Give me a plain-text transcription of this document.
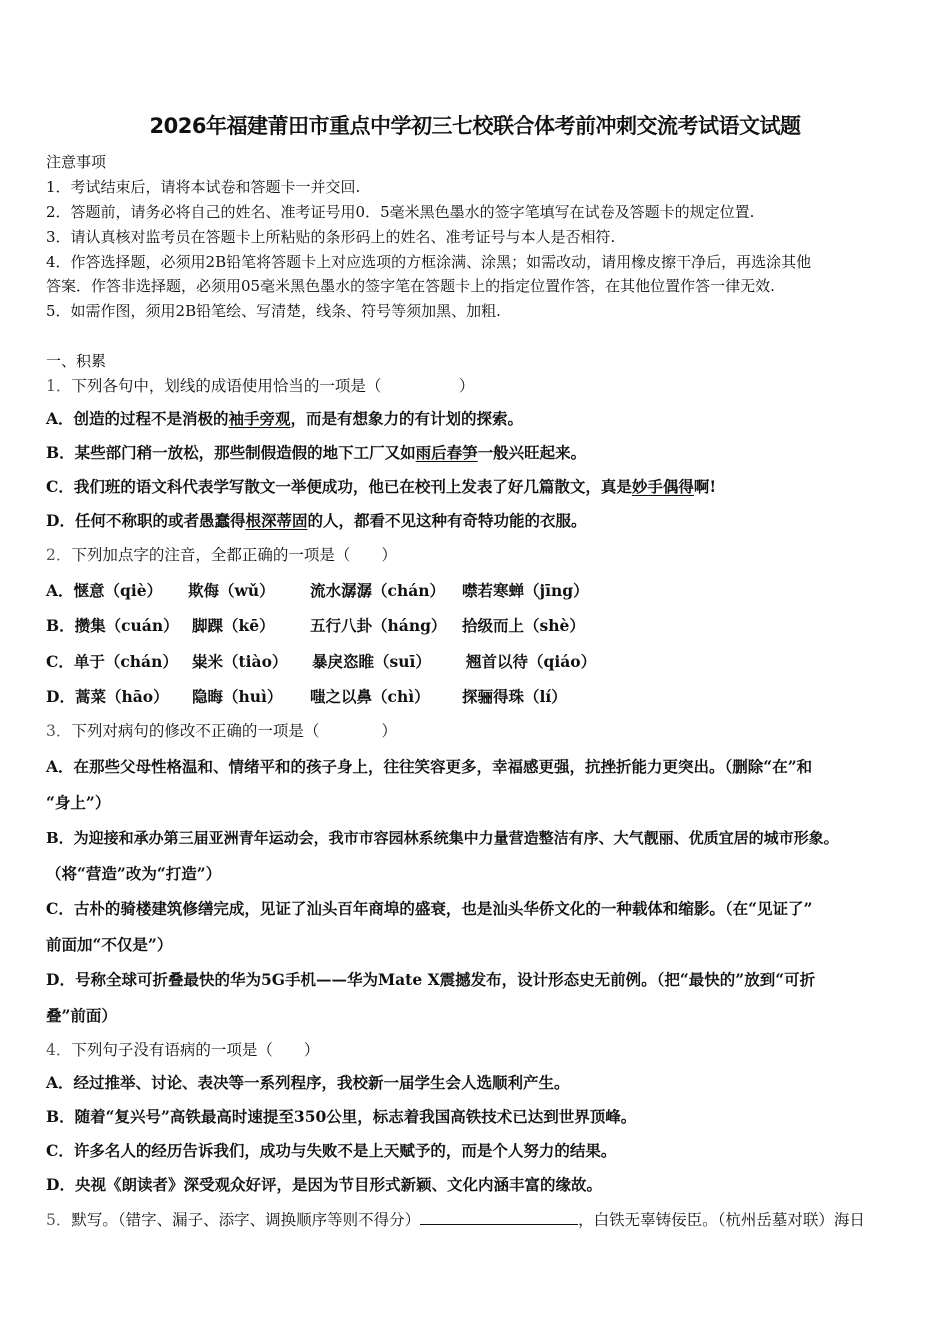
2026年福建莆田市重点中学初三七校联合体考前冲刺交流考试语文试题
注意事项
1．考试结束后，请将本试卷和答题卡一并交回.
2．答题前，请务必将自己的姓名、准考证号用0．5毫米黑色墨水的签字笔填写在试卷及答题卡的规定位置.
3．请认真核对监考员在答题卡上所粘贴的条形码上的姓名、准考证号与本人是否相符.
4．作答选择题，必须用2B铅笔将答题卡上对应选项的方框涂满、涂黑；如需改动，请用橡皮擦干净后，再选涂其他
答案．作答非选择题，必须用05毫米黑色墨水的签字笔在答题卡上的指定位置作答，在其他位置作答一律无效.
5．如需作图，须用2B铅笔绘、写清楚，线条、符号等须加黑、加粗.
一、积累
1．下列各句中，划线的成语使用恰当的一项是（　　　　　）
A．创造的过程不是消极的袖手旁观，而是有想象力的有计划的探索。
B．某些部门稍一放松，那些制假造假的地下工厂又如雨后春笋一般兴旺起来。
C．我们班的语文科代表学写散文一举便成功，他已在校刊上发表了好几篇散文，真是妙手偶得啊!
D．任何不称职的或者愚蠢得根深蒂固的人，都看不见这种有奇特功能的衣服。
2．下列加点字的注音，全都正确的一项是（　　）
A．惬意（qiè） 欺侮（wǔ） 流水潺潺（chán） 噤若寒蝉（jīng）
B．攒集（cuán） 脚踝（kē） 五行八卦（háng） 拾级而上（shè）
C．单于（chán） 粜米（tiào） 暴戾恣睢（suī） 翘首以待（qiáo）
D．蒿菜（hāo） 隐晦（huì） 嗤之以鼻（chì） 探骊得珠（lí）
3．下列对病句的修改不正确的一项是（　　　　）
A．在那些父母性格温和、情绪平和的孩子身上，往往笑容更多，幸福感更强，抗挫折能力更突出。（删除“在”和
“身上”）
B．为迎接和承办第三届亚洲青年运动会，我市市容园林系统集中力量营造整洁有序、大气靓丽、优质宜居的城市形象。
（将“营造”改为“打造”）
C．古朴的骑楼建筑修缮完成，见证了汕头百年商埠的盛衰，也是汕头华侨文化的一种载体和缩影。（在“见证了”
前面加“不仅是”）
D．号称全球可折叠最快的华为5G手机——华为Mate X震撼发布，设计形态史无前例。（把“最快的”放到“可折
叠”前面）
4．下列句子没有语病的一项是（　　）
A．经过推举、讨论、表决等一系列程序，我校新一届学生会人选顺利产生。
B．随着“复兴号”高铁最高时速提至350公里，标志着我国高铁技术已达到世界顶峰。
C．许多名人的经历告诉我们，成功与失败不是上天赋予的，而是个人努力的结果。
D．央视《朗读者》深受观众好评，是因为节目形式新颖、文化内涵丰富的缘故。
5．默写。（错字、漏子、添字、调换顺序等则不得分）	，白铁无辜铸佞臣。（杭州岳墓对联）海日
